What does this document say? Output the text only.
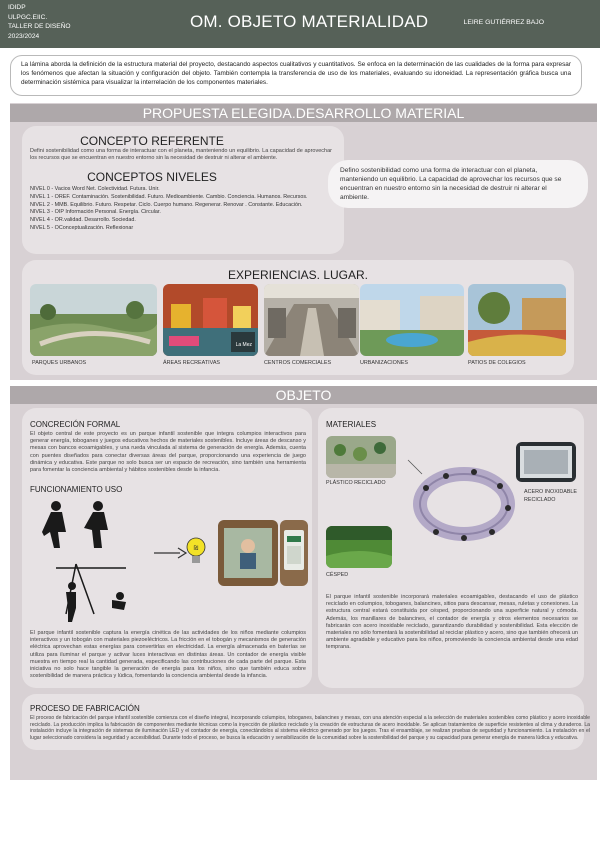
IDIDP
ULPGC.EIIC.
TALLER DE DISEÑO
2023/2024
OM. OBJETO MATERIALIDAD	LEIRE GUTIÉRREZ BAJO
La lámina aborda la definición de la estructura material del proyecto, destacando aspectos cualitativos y cuantitativos. Se enfoca en la determinación de las cualidades de la forma para expresar los fenómenos que afectan la situación y configuración del objeto. También contempla la transferencia de uso de los materiales, evaluando su idoneidad. La representación gráfica busca una determinación sistémica para visualizar la interrelación de los componentes materiales.
PROPUESTA ELEGIDA.DESARROLLO MATERIAL
CONCEPTO REFERENTE
Defini sostenibilidad como una forma de interactuar con el planeta, manteniendo un equilibrio. La capacidad de aprovechar los recursos que se encuentran en nuestro entorno sin la necesidad de destruir ni alterar el ambiente.
CONCEPTOS NIVELES
NIVEL 0 - Vacios Word Net. Colectividad. Futura. Unir.
NIVEL 1 - OREF. Contaminación. Sostenibilidad. Futuro. Medioambiente. Cambio. Conciencia. Humanos. Recursos.
NIVEL 2 - MMB. Equilibrio. Futuro. Respetar. Ciclo. Cuerpo humano. Regenerar. Renovar . Constante. Educación.
NIVEL 3 - OIP Información Personal. Energía. Circular.
NIVEL 4 - OR.validad. Desarrollo. Sociedad.
NIVEL 5 - OConceptualización. Reflexionar
Defino sostenibilidad como una forma de interactuar con el planeta, manteniendo un equilibrio. La capacidad de aprovechar los recursos que se encuentran en nuestro entorno sin la necesidad de destruir ni alterar el ambiente.
EXPERIENCIAS. LUGAR.
La Mez
PARQUES URBANOS	ÁREAS RECREATIVAS	CENTROS COMERCIALES	URBANIZACIONES	PATIOS DE COLEGIOS
OBJETO
CONCRECIÓN FORMAL
El objeto central de este proyecto es un parque infantil sostenible que integra columpios interactivos para generar energía, toboganes y juegos educativos hechos de materiales sostenibles. Incluye áreas de descanso y mesas con bancos ecoamigables, y una rueda vinculada al sistema de generación de energía. Además, cuenta con puentes diseñados para conectar diversas áreas del parque, proporcionando una experiencia de juego dinámica y educativa. Este parque no solo busca ser un espacio de recreación, sino también una herramienta para fomentar la conciencia ambiental y hábitos sostenibles desde la infancia.
FUNCIONAMIENTO USO
₪
El parque infantil sostenible captura la energía cinética de las actividades de los niños mediante columpios interactivos y un tobogán con materiales piezoeléctricos. La fricción en el tobogán y mecanismos de generación eléctrica aprovechan estas energías para convertirlas en electricidad. La energía almacenada en baterías se utiliza para iluminar el parque y activar luces interactivas en distintas áreas. Un contador de energía visible muestra en tiempo real la cantidad generada, especificando las contribuciones de cada parte del parque. Esta iniciativa no solo hace tangible la generación de energía para los niños, sino que también educa sobre sostenibilidad de manera práctica y lúdica, fomentando la conciencia ambiental desde la infancia.
MATERIALES
PLÁSTICO RECICLADO
ACERO INOXIDABLE RECICLADO
CÉSPED
El parque infantil sostenible incorporará materiales ecoamigables, destacando el uso de plástico reciclado en columpios, toboganes, balancines, sitios para descansar, mesas, ruletas y conexiones. La estructura central estará constituida por césped, proporcionando una superficie natural y cómoda. Además, los manillares de balancines, el contador de energía y otros elementos necesarios se fabricarán con acero inoxidable reciclado, garantizando durabilidad y sostenibilidad. Esta elección de materiales no sólo fomentará la sostenibilidad al reciclar plástico y acero, sino que también ofrecerá un ambiente agradable y educativo para los niños, promoviendo la conciencia ambiental desde una edad temprana.
PROCESO DE FABRICACIÓN
El proceso de fabricación del parque infantil sostenible comienza con el diseño integral, incorporando columpios, toboganes, balancines y mesas, con una atención especial a la selección de materiales sostenibles como plástico y acero inoxidable reciclado. La producción implica la fabricación de componentes mediante técnicas como la inyección de plástico reciclado y la creación de estructuras de acero inoxidable. Se aplican tratamientos de superficie resistentes al clima y duraderos. La instalación incluye la integración de sistemas de iluminación LED y el contador de energía, conectándolos al sistema eléctrico generado por los juegos. Tras el ensamblaje, se realizan pruebas de seguridad y funcionamiento. La instalación en el lugar seleccionado considera la seguridad y accesibilidad. Durante todo el proceso, se busca la educación y sensibilización de la comunidad sobre la sostenibilidad del parque y su capacidad para generar energía de manera lúdica y educativa.
